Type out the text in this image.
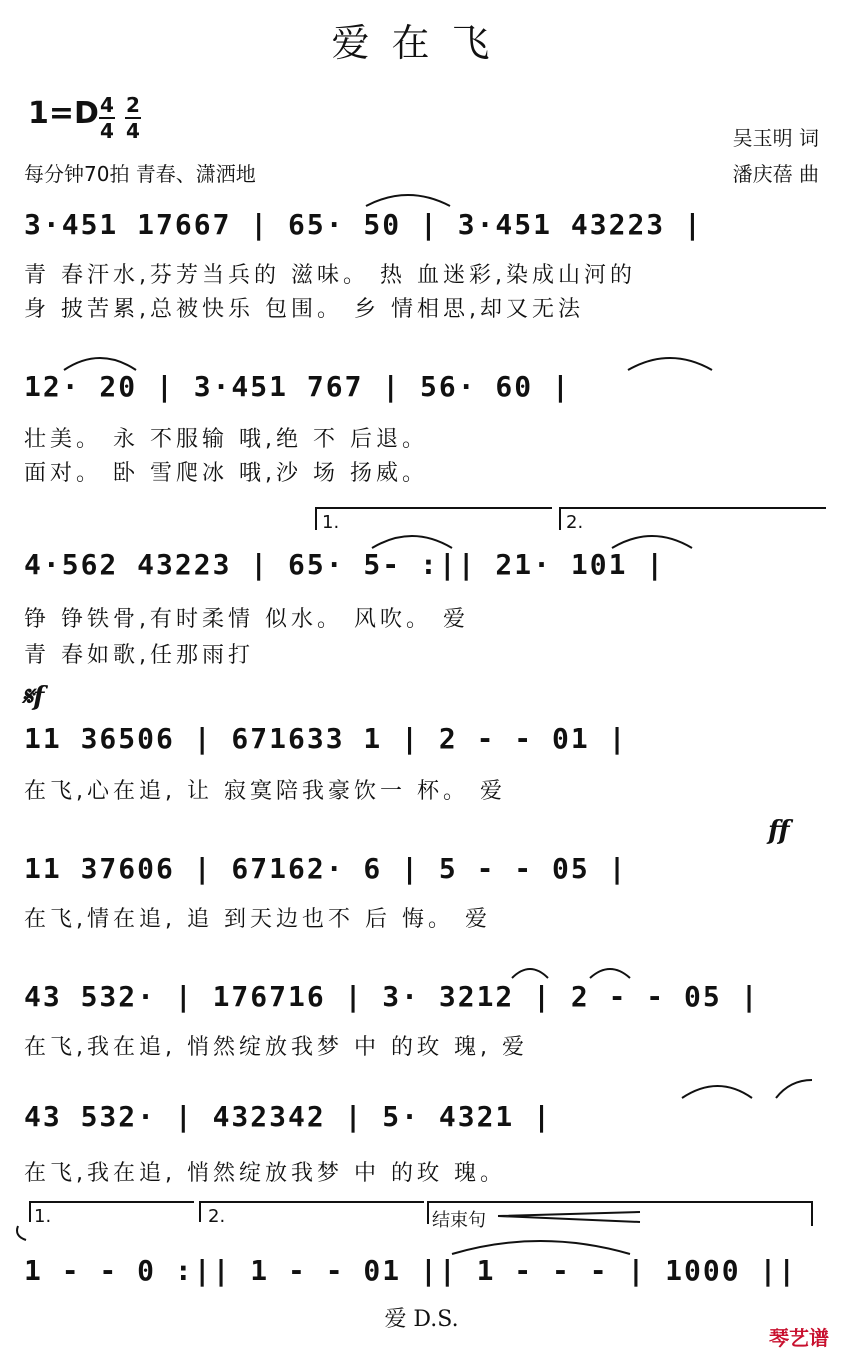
爱在飞
1=D 4
4
2
4
每分钟70拍 青春、潇洒地
吴玉明 词
潘庆蓓 曲
3·451 17667 | 65· 50 | 3·451 43223 |
青 春汗水,芬芳当兵的 滋味。 热 血迷彩,染成山河的
身 披苦累,总被快乐 包围。 乡 情相思,却又无法
12· 20 | 3·451 767 | 56· 60 |
壮美。 永 不服输 哦,绝 不 后退。
面对。 卧 雪爬冰 哦,沙 场 扬威。
1.	2.
4·562 43223 | 65· 5- :|| 21· 101 |
铮 铮铁骨,有时柔情 似水。 风吹。 爱
青 春如歌,任那雨打
𝄋f
11 36506 | 671633 1 | 2 - - 01 |
在飞,心在追, 让 寂寞陪我豪饮一 杯。 爱
ff
11 37606 | 67162· 6 | 5 - - 05 |
在飞,情在追, 追 到天边也不 后 悔。 爱
43 532· | 176716 | 3· 3212 | 2 - - 05 |
在飞,我在追, 悄然绽放我梦 中 的玫 瑰, 爱
43 532· | 432342 | 5· 4321 |
在飞,我在追, 悄然绽放我梦 中 的玫 瑰。
1.	2.	结束句
1 - - 0 :|| 1 - - 01 || 1 - - - | 1000 ||
爱 D.S.
琴艺谱
